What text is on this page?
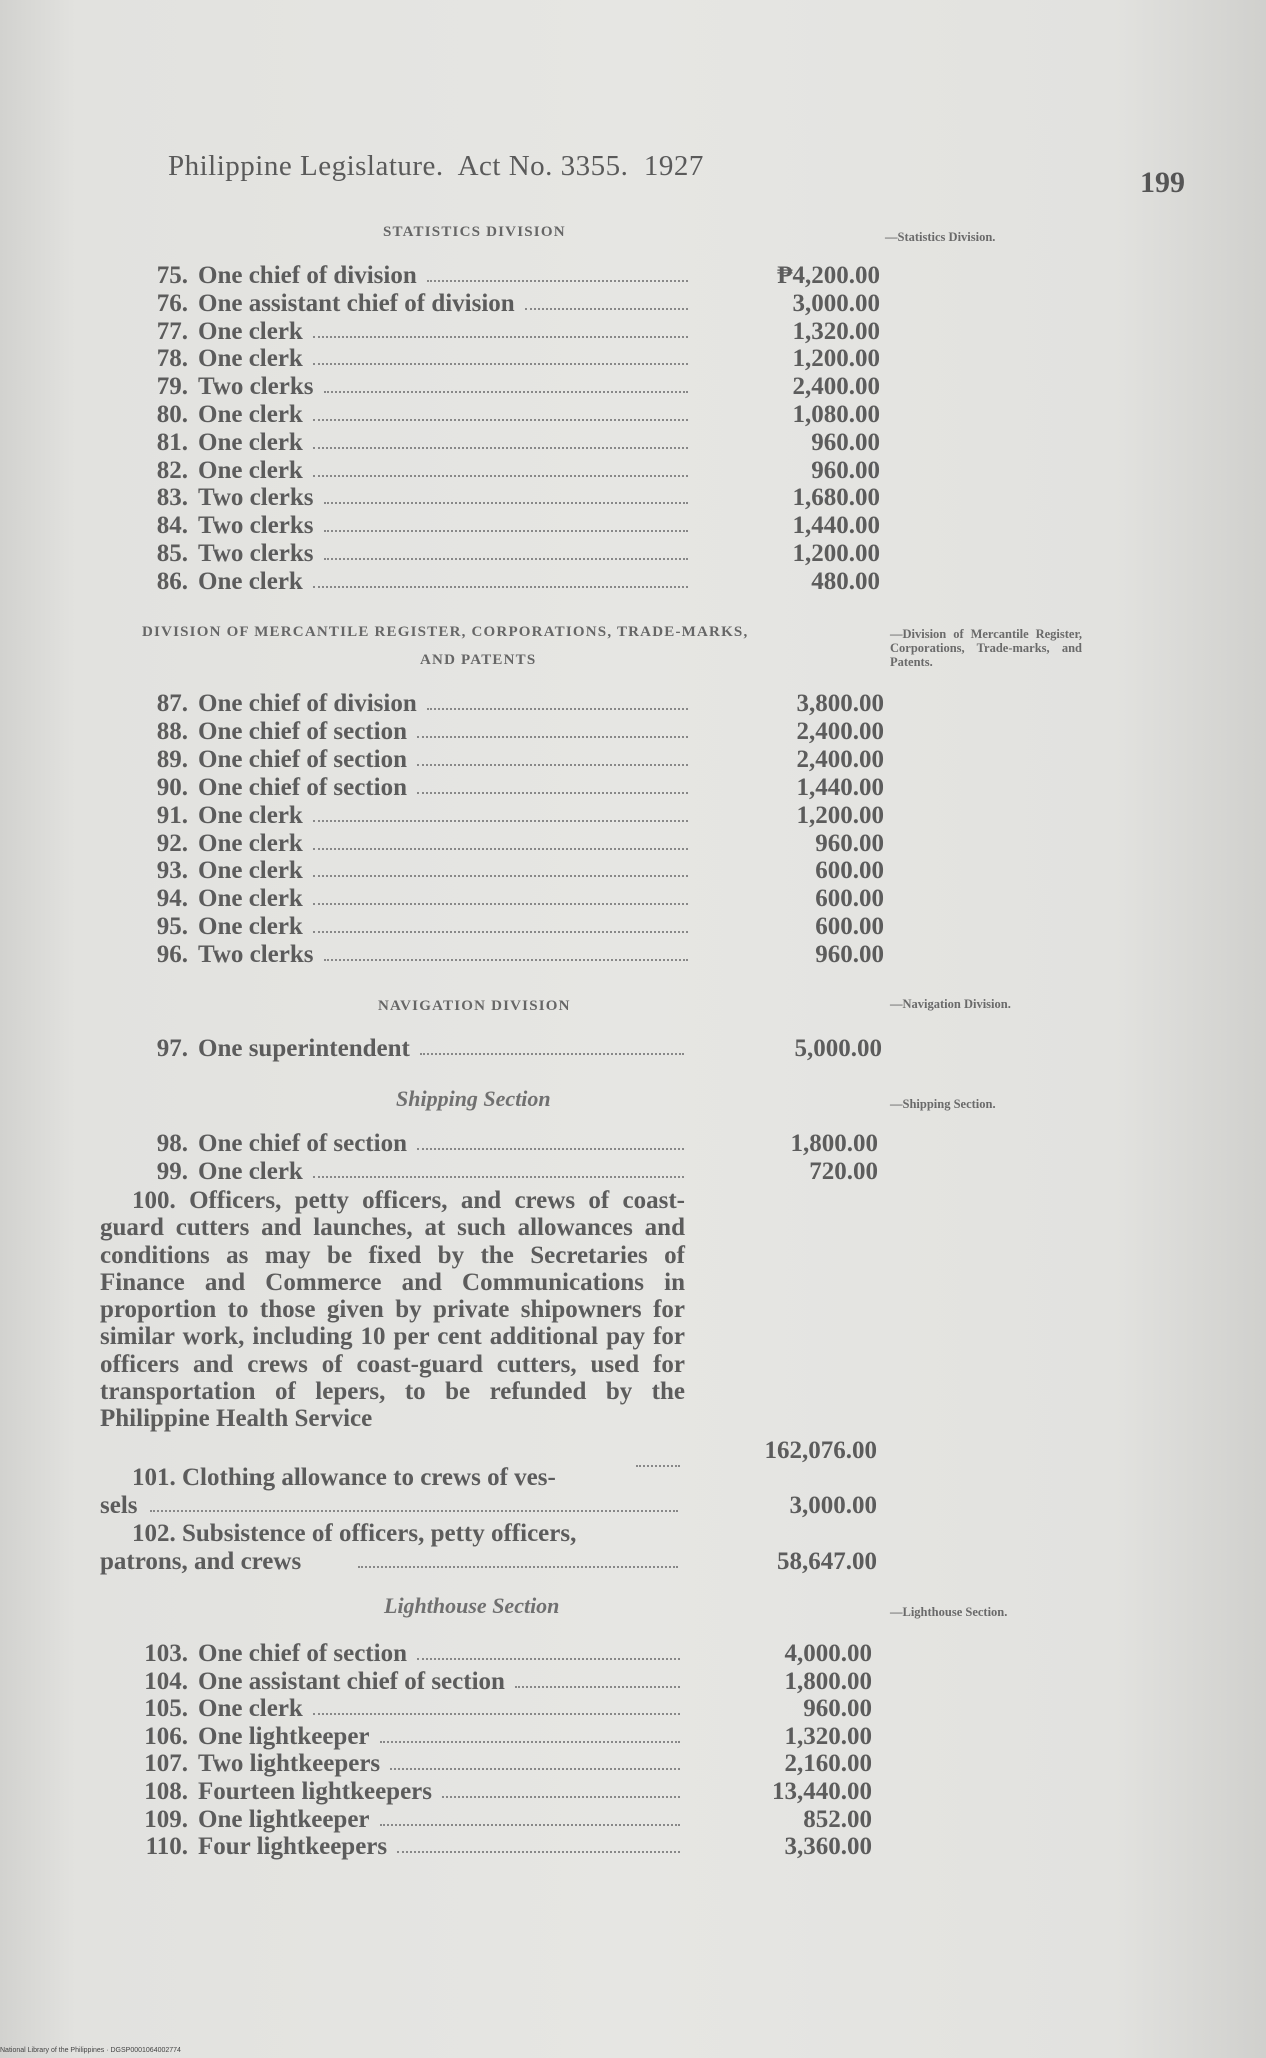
Philippine Legislature. Act No. 3355. 1927	199
STATISTICS DIVISION	—Statistics Division.
75. One chief of division	₱4,200.00
76. One assistant chief of division	3,000.00
77. One clerk	1,320.00
78. One clerk	1,200.00
79. Two clerks	2,400.00
80. One clerk	1,080.00
81. One clerk	960.00
82. One clerk	960.00
83. Two clerks	1,680.00
84. Two clerks	1,440.00
85. Two clerks	1,200.00
86. One clerk	480.00
DIVISION OF MERCANTILE REGISTER, CORPORATIONS, TRADE-MARKS,
AND PATENTS
—Division of Mercantile Register, Corporations, Trade-marks, and Patents.
87. One chief of division	3,800.00
88. One chief of section	2,400.00
89. One chief of section	2,400.00
90. One chief of section	1,440.00
91. One clerk	1,200.00
92. One clerk	960.00
93. One clerk	600.00
94. One clerk	600.00
95. One clerk	600.00
96. Two clerks	960.00
NAVIGATION DIVISION	—Navigation Division.
97. One superintendent	5,000.00
Shipping Section	—Shipping Section.
98. One chief of section	1,800.00
99. One clerk	720.00
100. Officers, petty officers, and crews of coast-guard cutters and launches, at such allowances and conditions as may be fixed by the Secretaries of Finance and Commerce and Communications in proportion to those given by private shipowners for similar work, including 10 per cent additional pay for officers and crews of coast-guard cutters, used for transportation of lepers, to be refunded by the Philippine Health Service
162,076.00
101. Clothing allowance to crews of ves-
sels	3,000.00
102. Subsistence of officers, petty officers,
patrons, and crews	58,647.00
Lighthouse Section	—Lighthouse Section.
103. One chief of section	4,000.00
104. One assistant chief of section	1,800.00
105. One clerk	960.00
106. One lightkeeper	1,320.00
107. Two lightkeepers	2,160.00
108. Fourteen lightkeepers	13,440.00
109. One lightkeeper	852.00
110. Four lightkeepers	3,360.00
National Library of the Philippines · DGSP0001064002774
